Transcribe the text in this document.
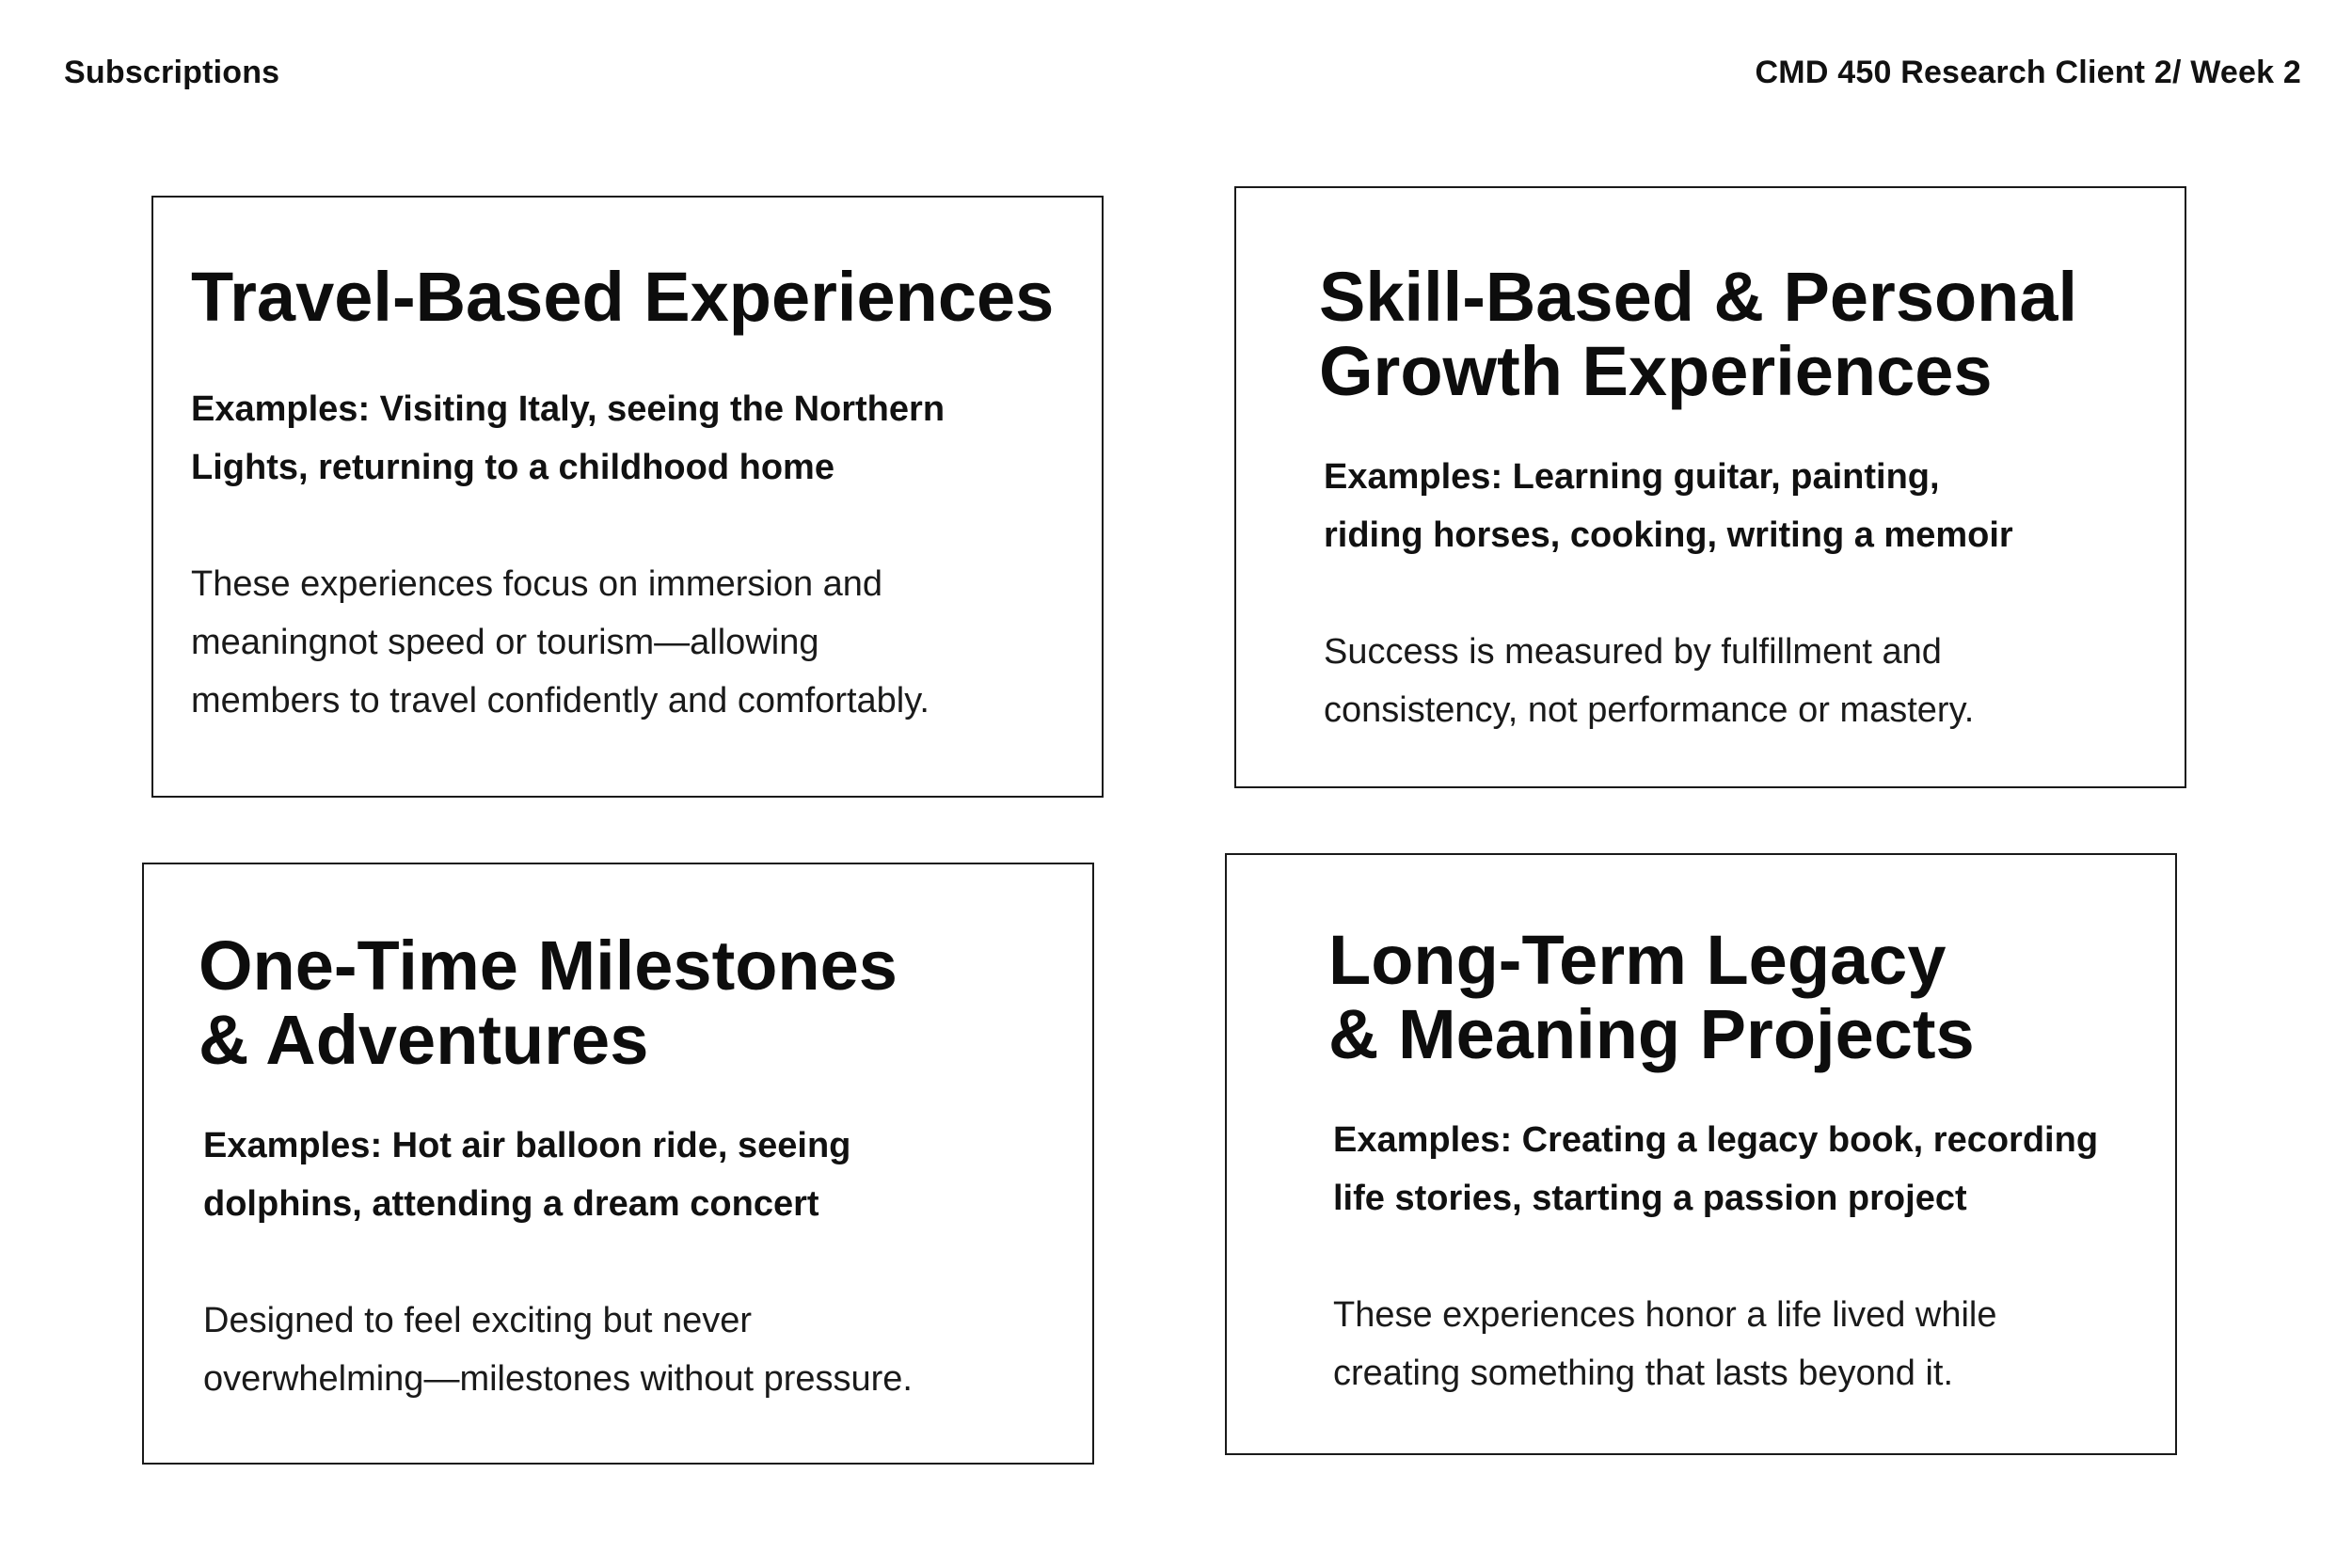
Subscriptions	CMD 450 Research Client 2/ Week 2
Travel-Based Experiences

Examples: Visiting Italy, seeing the Northern
Lights, returning to a childhood home

These experiences focus on immersion and
meaningnot speed or tourism—allowing
members to travel confidently and comfortably.

Skill-Based & Personal
Growth Experiences

Examples: Learning guitar, painting,
riding horses, cooking, writing a memoir

Success is measured by fulfillment and
consistency, not performance or mastery.

One-Time Milestones
& Adventures

Examples: Hot air balloon ride, seeing
dolphins, attending a dream concert

Designed to feel exciting but never
overwhelming—milestones without pressure.

Long-Term Legacy
& Meaning Projects

Examples: Creating a legacy book, recording
life stories, starting a passion project

These experiences honor a life lived while
creating something that lasts beyond it.
